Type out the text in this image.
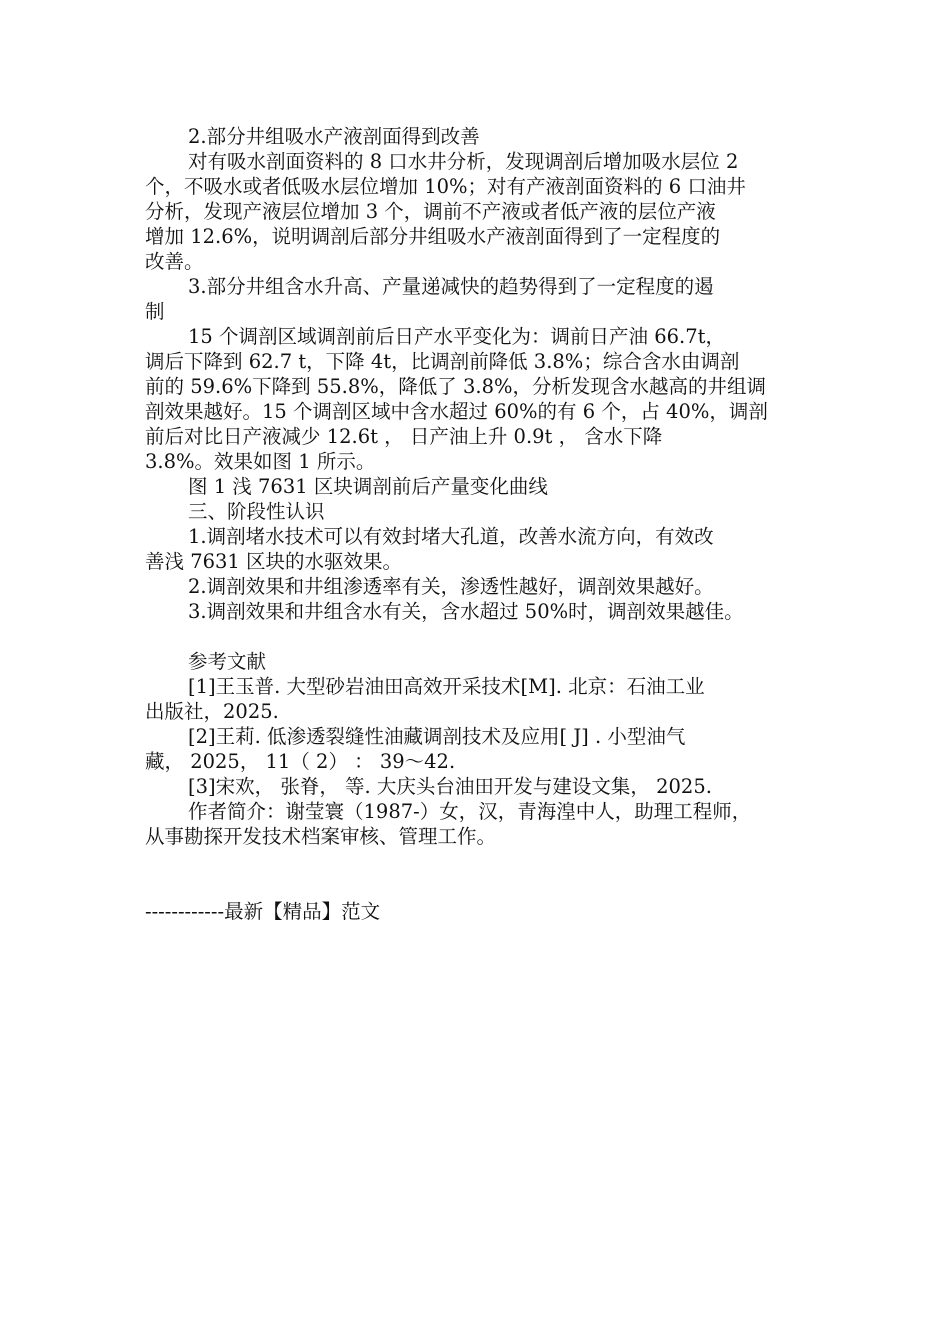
2.部分井组吸水产液剖面得到改善
对有吸水剖面资料的 8 口水井分析，发现调剖后增加吸水层位 2
个，不吸水或者低吸水层位增加 10%；对有产液剖面资料的 6 口油井
分析，发现产液层位增加 3 个，调前不产液或者低产液的层位产液
增加 12.6%，说明调剖后部分井组吸水产液剖面得到了一定程度的
改善。
3.部分井组含水升高、产量递减快的趋势得到了一定程度的遏
制
15 个调剖区域调剖前后日产水平变化为：调前日产油 66.7t，
调后下降到 62.7 t，下降 4t，比调剖前降低 3.8%；综合含水由调剖
前的 59.6%下降到 55.8%，降低了 3.8%，分析发现含水越高的井组调
剖效果越好。15 个调剖区域中含水超过 60%的有 6 个，占 40%，调剖
前后对比日产液减少 12.6t ， 日产油上升 0.9t ， 含水下降
3.8%。效果如图 1 所示。
图 1 浅 7631 区块调剖前后产量变化曲线
三、阶段性认识
1.调剖堵水技术可以有效封堵大孔道，改善水流方向，有效改
善浅 7631 区块的水驱效果。
2.调剖效果和井组渗透率有关，渗透性越好，调剖效果越好。
3.调剖效果和井组含水有关，含水超过 50%时，调剖效果越佳。
参考文献
[1]王玉普. 大型砂岩油田高效开采技术[M]. 北京：石油工业
出版社，2025.
[2]王莉. 低渗透裂缝性油藏调剖技术及应用[ J] . 小型油气
藏， 2025， 11（ 2） ： 39～42.
[3]宋欢， 张脊， 等. 大庆头台油田开发与建设文集， 2025.
作者简介：谢莹寰（1987-）女，汉，青海湟中人，助理工程师，
从事勘探开发技术档案审核、管理工作。
------------最新【精品】范文
